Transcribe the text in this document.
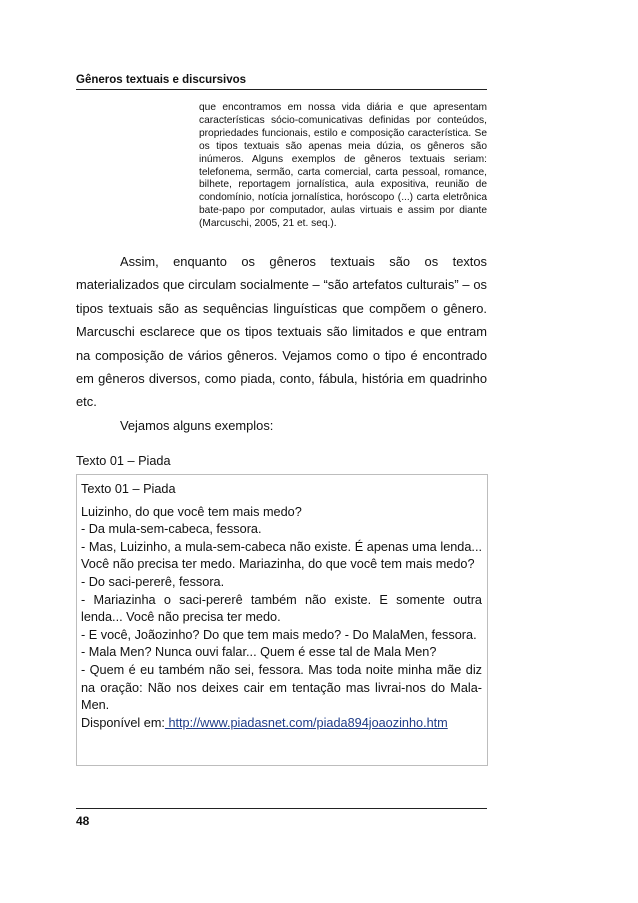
Gêneros textuais e discursivos
que encontramos em nossa vida diária e que apresentam características sócio-comunicativas definidas por conteúdos, propriedades funcionais, estilo e composição característica. Se os tipos textuais são apenas meia dúzia, os gêneros são inúmeros. Alguns exemplos de gêneros textuais seriam: telefonema, sermão, carta comercial, carta pessoal, romance, bilhete, reportagem jornalística, aula expositiva, reunião de condomínio, notícia jornalística, horóscopo (...) carta eletrônica bate-papo por computador, aulas virtuais e assim por diante (Marcuschi, 2005, 21 et. seq.).

Assim, enquanto os gêneros textuais são os textos materializados que circulam socialmente – “são artefatos culturais” – os tipos textuais são as sequências linguísticas que compõem o gênero. Marcuschi esclarece que os tipos textuais são limitados e que entram na composição de vários gêneros. Vejamos como o tipo é encontrado em gêneros diversos, como piada, conto, fábula, história em quadrinho etc.

Vejamos alguns exemplos:

Texto 01 – Piada

Texto 01 – Piada

Luizinho, do que você tem mais medo?

- Da mula-sem-cabeca, fessora.

- Mas, Luizinho, a mula-sem-cabeca não existe. É apenas uma lenda... Você não precisa ter medo. Mariazinha, do que você tem mais medo?

- Do saci-pererê, fessora.

- Mariazinha o saci-pererê também não existe. E somente outra lenda... Você não precisa ter medo.

- E você, Joãozinho? Do que tem mais medo? - Do MalaMen, fessora.

- Mala Men? Nunca ouvi falar... Quem é esse tal de Mala Men?

- Quem é eu também não sei, fessora. Mas toda noite minha mãe diz na oração: Não nos deixes cair em tentação mas livrai-nos do Mala-Men.

Disponível em: http://www.piadasnet.com/piada894joaozinho.htm

48
